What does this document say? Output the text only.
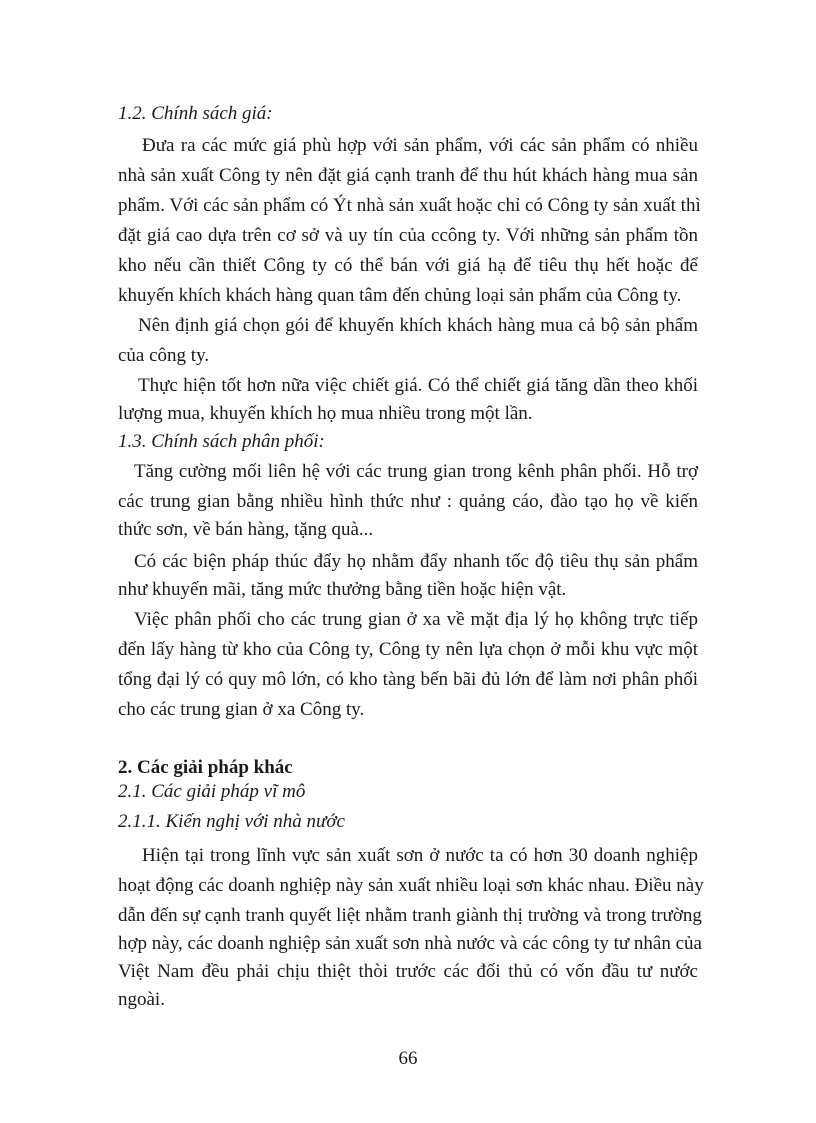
1.2. Chính sách giá:

Đưa ra các mức giá phù hợp với sản phẩm, với các sản phẩm có nhiều

nhà sản xuất Công ty nên đặt giá cạnh tranh để thu hút khách hàng mua sản

phẩm. Với các sản phẩm có Ýt nhà sản xuất hoặc chỉ có Công ty sản xuất thì

đặt giá cao dựa trên cơ sở và uy tín của ccông ty. Với những sản phẩm tồn

kho nếu cần thiết Công ty có thể bán với giá hạ để tiêu thụ hết hoặc để

khuyến khích khách hàng quan tâm đến chủng loại sản phẩm của Công ty.

Nên định giá chọn gói để khuyến khích khách hàng mua cả bộ sản phẩm

của công ty.

Thực hiện tốt hơn nữa việc chiết giá. Có thể chiết giá tăng dần theo khối

lượng mua, khuyến khích họ mua nhiều trong một lần.

1.3. Chính sách phân phối:

Tăng cường mối liên hệ với các trung gian trong kênh phân phối. Hỗ trợ

các trung gian bằng nhiều hình thức như : quảng cáo, đào tạo họ về kiến

thức sơn, về bán hàng, tặng quà...

Có các biện pháp thúc đẩy họ nhằm đẩy nhanh tốc độ tiêu thụ sản phẩm

như khuyến mãi, tăng mức thưởng bằng tiền hoặc hiện vật.

Việc phân phối cho các trung gian ở xa về mặt địa lý họ không trực tiếp

đến lấy hàng từ kho của Công ty, Công ty nên lựa chọn ở mỗi khu vực một

tổng đại lý có quy mô lớn, có kho tàng bến bãi đủ lớn để làm nơi phân phối

cho các trung gian ở xa Công ty.

2. Các giải pháp khác

2.1. Các giải pháp vĩ mô

2.1.1. Kiến nghị với nhà nước

Hiện tại trong lĩnh vực sản xuất sơn ở nước ta có hơn 30 doanh nghiệp

hoạt động các doanh nghiệp này sản xuất nhiều loại sơn khác nhau. Điều này

dẫn đến sự cạnh tranh quyết liệt nhằm tranh giành thị trường và trong trường

hợp này, các doanh nghiệp sản xuất sơn nhà nước và các công ty tư nhân của

Việt Nam đều phải chịu thiệt thòi trước các đối thủ có vốn đầu tư nước

ngoài.

66
